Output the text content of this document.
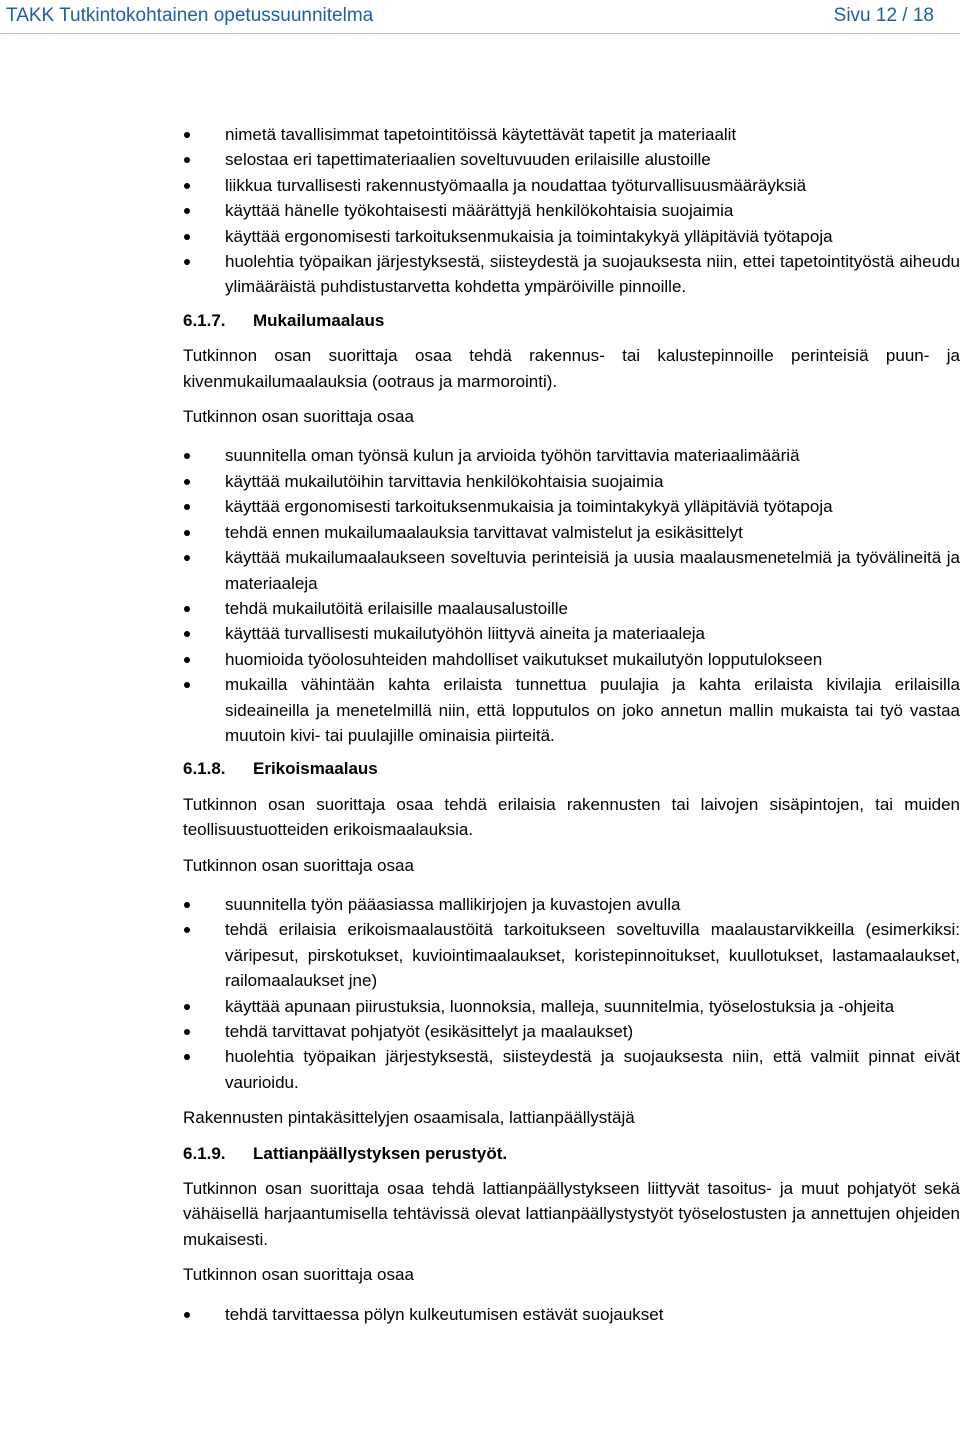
TAKK Tutkintokohtainen opetussuunnitelma	Sivu 12 / 18
nimetä tavallisimmat tapetointitöissä käytettävät tapetit ja materiaalit
selostaa eri tapettimateriaalien soveltuvuuden erilaisille alustoille
liikkua turvallisesti rakennustyömaalla ja noudattaa työturvallisuusmääräyksiä
käyttää hänelle työkohtaisesti määrättyjä henkilökohtaisia suojaimia
käyttää ergonomisesti tarkoituksenmukaisia ja toimintakykyä ylläpitäviä työtapoja
huolehtia työpaikan järjestyksestä, siisteydestä ja suojauksesta niin, ettei tapetointityöstä aiheudu ylimääräistä puhdistustarvetta kohdetta ympäröiville pinnoille.
6.1.7. Mukailumaalaus

Tutkinnon osan suorittaja osaa tehdä rakennus- tai kalustepinnoille perinteisiä puun- ja kivenmukailumaalauksia (ootraus ja marmorointi).

Tutkinnon osan suorittaja osaa

suunnitella oman työnsä kulun ja arvioida työhön tarvittavia materiaalimääriä
käyttää mukailutöihin tarvittavia henkilökohtaisia suojaimia
käyttää ergonomisesti tarkoituksenmukaisia ja toimintakykyä ylläpitäviä työtapoja
tehdä ennen mukailumaalauksia tarvittavat valmistelut ja esikäsittelyt
käyttää mukailumaalaukseen soveltuvia perinteisiä ja uusia maalausmenetelmiä ja työvälineitä ja materiaaleja
tehdä mukailutöitä erilaisille maalausalustoille
käyttää turvallisesti mukailutyöhön liittyvä aineita ja materiaaleja
huomioida työolosuhteiden mahdolliset vaikutukset mukailutyön lopputulokseen
mukailla vähintään kahta erilaista tunnettua puulajia ja kahta erilaista kivilajia erilaisilla sideaineilla ja menetelmillä niin, että lopputulos on joko annetun mallin mukaista tai työ vastaa muutoin kivi- tai puulajille ominaisia piirteitä.
6.1.8. Erikoismaalaus

Tutkinnon osan suorittaja osaa tehdä erilaisia rakennusten tai laivojen sisäpintojen, tai muiden teollisuustuotteiden erikoismaalauksia.

Tutkinnon osan suorittaja osaa

suunnitella työn pääasiassa mallikirjojen ja kuvastojen avulla
tehdä erilaisia erikoismaalaustöitä tarkoitukseen soveltuvilla maalaustarvikkeilla (esimerkiksi: väripesut, pirskotukset, kuviointimaalaukset, koristepinnoitukset, kuullotukset, lastamaalaukset, railomaalaukset jne)
käyttää apunaan piirustuksia, luonnoksia, malleja, suunnitelmia, työselostuksia ja -ohjeita
tehdä tarvittavat pohjatyöt (esikäsittelyt ja maalaukset)
huolehtia työpaikan järjestyksestä, siisteydestä ja suojauksesta niin, että valmiit pinnat eivät vaurioidu.

Rakennusten pintakäsittelyjen osaamisala, lattianpäällystäjä

6.1.9. Lattianpäällystyksen perustyöt.

Tutkinnon osan suorittaja osaa tehdä lattianpäällystykseen liittyvät tasoitus- ja muut pohjatyöt sekä vähäisellä harjaantumisella tehtävissä olevat lattianpäällystystyöt työselostusten ja annettujen ohjeiden mukaisesti.

Tutkinnon osan suorittaja osaa

tehdä tarvittaessa pölyn kulkeutumisen estävät suojaukset
